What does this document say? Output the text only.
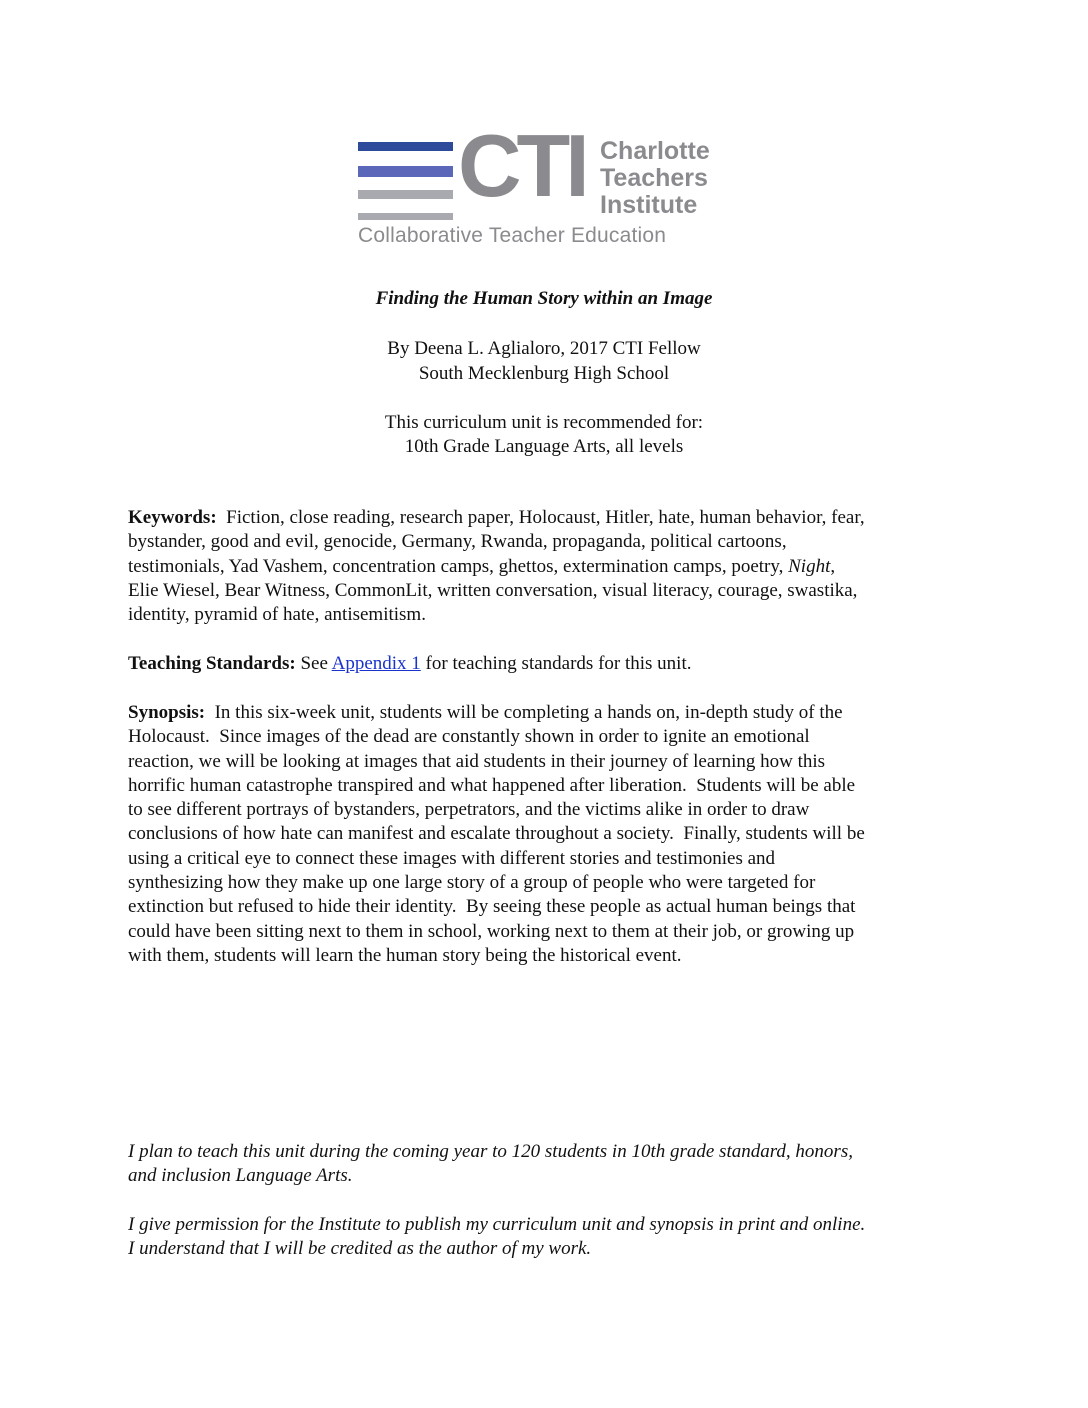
CTI Charlotte
Teachers
Institute
Collaborative Teacher Education
Finding the Human Story within an Image
By Deena L. Aglialoro, 2017 CTI Fellow
South Mecklenburg High School
This curriculum unit is recommended for:
10th Grade Language Arts, all levels

Keywords:  Fiction, close reading, research paper, Holocaust, Hitler, hate, human behavior, fear,
bystander, good and evil, genocide, Germany, Rwanda, propaganda, political cartoons,
testimonials, Yad Vashem, concentration camps, ghettos, extermination camps, poetry, Night,
Elie Wiesel, Bear Witness, CommonLit, written conversation, visual literacy, courage, swastika,
identity, pyramid of hate, antisemitism.

Teaching Standards: See Appendix 1 for teaching standards for this unit.

Synopsis:  In this six-week unit, students will be completing a hands on, in-depth study of the
Holocaust.  Since images of the dead are constantly shown in order to ignite an emotional
reaction, we will be looking at images that aid students in their journey of learning how this
horrific human catastrophe transpired and what happened after liberation.  Students will be able
to see different portrays of bystanders, perpetrators, and the victims alike in order to draw
conclusions of how hate can manifest and escalate throughout a society.  Finally, students will be
using a critical eye to connect these images with different stories and testimonies and
synthesizing how they make up one large story of a group of people who were targeted for
extinction but refused to hide their identity.  By seeing these people as actual human beings that
could have been sitting next to them in school, working next to them at their job, or growing up
with them, students will learn the human story being the historical event.

I plan to teach this unit during the coming year to 120 students in 10th grade standard, honors,
and inclusion Language Arts.

I give permission for the Institute to publish my curriculum unit and synopsis in print and online.
I understand that I will be credited as the author of my work.
